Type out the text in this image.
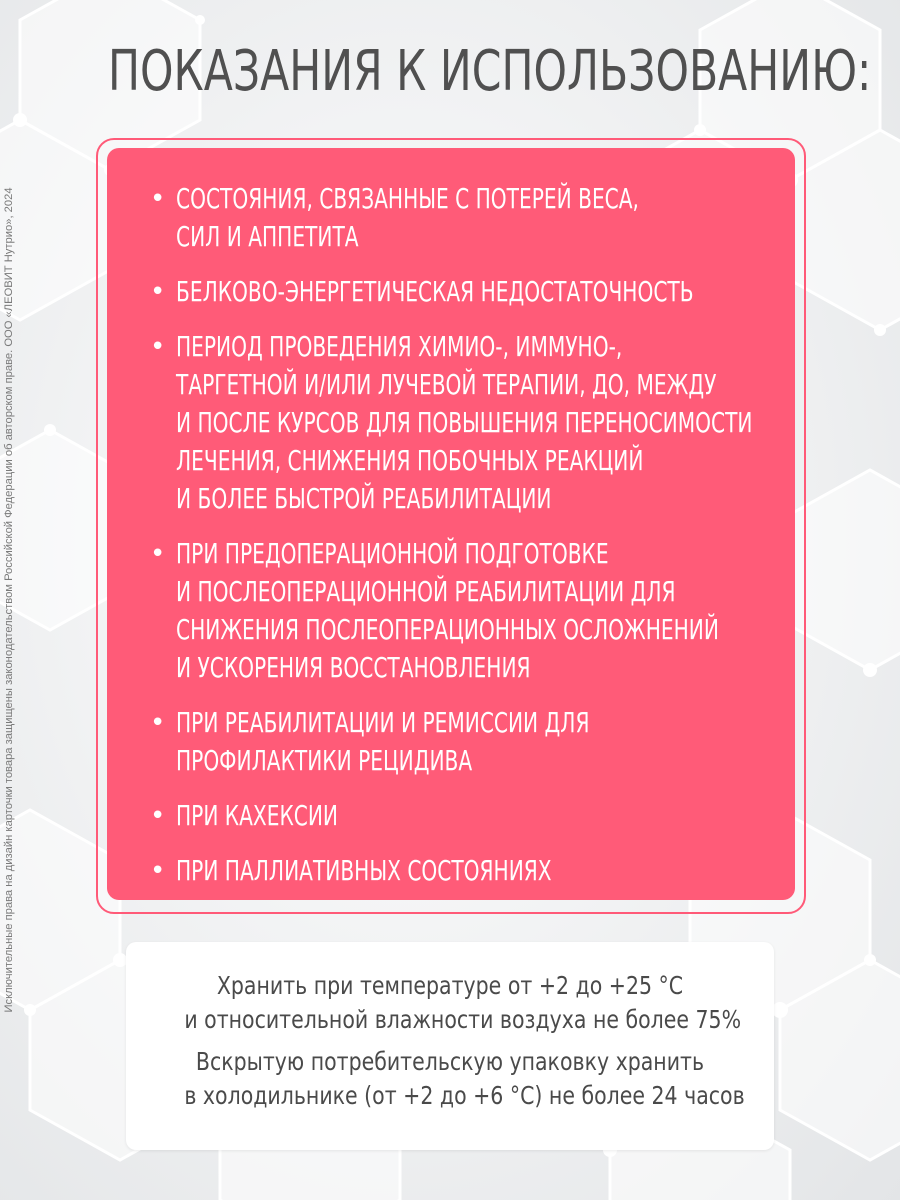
ПОКАЗАНИЯ К ИСПОЛЬЗОВАНИЮ:
Исключительные права на дизайн карточки товара защищены законодательством Российской Федерации об авторском праве. ООО «ЛЕОВИТ Нутрио», 2024	• СОСТОЯНИЯ, СВЯЗАННЫЕ С ПОТЕРЕЙ ВЕСА,
СИЛ И АППЕТИТА
• БЕЛКОВО-ЭНЕРГЕТИЧЕСКАЯ НЕДОСТАТОЧНОСТЬ
• ПЕРИОД ПРОВЕДЕНИЯ ХИМИО-, ИММУНО-,
ТАРГЕТНОЙ И/ИЛИ ЛУЧЕВОЙ ТЕРАПИИ, ДО, МЕЖДУ
И ПОСЛЕ КУРСОВ ДЛЯ ПОВЫШЕНИЯ ПЕРЕНОСИМОСТИ
ЛЕЧЕНИЯ, СНИЖЕНИЯ ПОБОЧНЫХ РЕАКЦИЙ
И БОЛЕЕ БЫСТРОЙ РЕАБИЛИТАЦИИ
• ПРИ ПРЕДОПЕРАЦИОННОЙ ПОДГОТОВКЕ
И ПОСЛЕОПЕРАЦИОННОЙ РЕАБИЛИТАЦИИ ДЛЯ
СНИЖЕНИЯ ПОСЛЕОПЕРАЦИОННЫХ ОСЛОЖНЕНИЙ
И УСКОРЕНИЯ ВОССТАНОВЛЕНИЯ
• ПРИ РЕАБИЛИТАЦИИ И РЕМИССИИ ДЛЯ
ПРОФИЛАКТИКИ РЕЦИДИВА
• ПРИ КАХЕКСИИ
• ПРИ ПАЛЛИАТИВНЫХ СОСТОЯНИЯХ
Хранить при температуре от +2 до +25 °C
и относительной влажности воздуха не более 75%
Вскрытую потребительскую упаковку хранить
в холодильнике (от +2 до +6 °C) не более 24 часов
